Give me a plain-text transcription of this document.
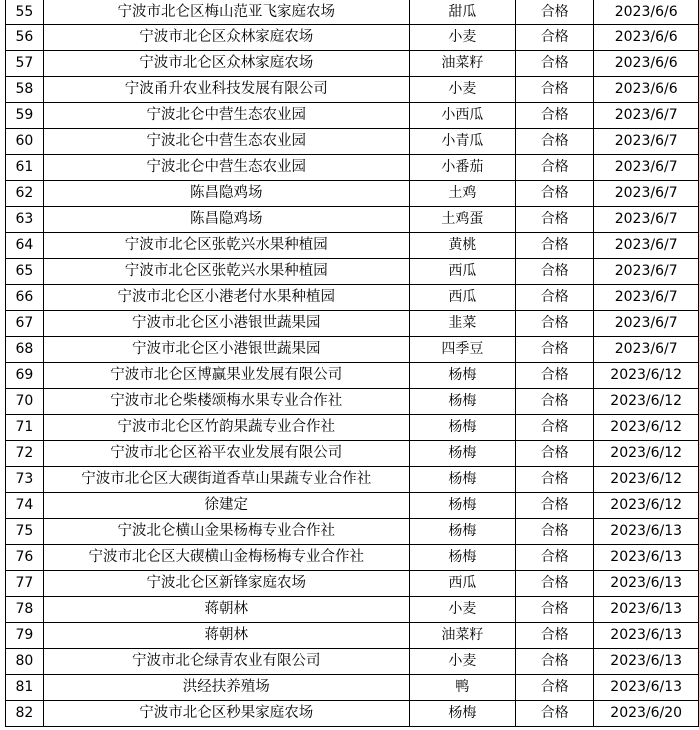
55	宁波市北仑区梅山范亚飞家庭农场	甜瓜	合格	2023/6/6
56	宁波市北仑区众林家庭农场	小麦	合格	2023/6/6
57	宁波市北仑区众林家庭农场	油菜籽	合格	2023/6/6
58	宁波甬升农业科技发展有限公司	小麦	合格	2023/6/6
59	宁波北仑中营生态农业园	小西瓜	合格	2023/6/7
60	宁波北仑中营生态农业园	小青瓜	合格	2023/6/7
61	宁波北仑中营生态农业园	小番茄	合格	2023/6/7
62	陈昌隐鸡场	土鸡	合格	2023/6/7
63	陈昌隐鸡场	土鸡蛋	合格	2023/6/7
64	宁波市北仑区张乾兴水果种植园	黄桃	合格	2023/6/7
65	宁波市北仑区张乾兴水果种植园	西瓜	合格	2023/6/7
66	宁波市北仑区小港老付水果种植园	西瓜	合格	2023/6/7
67	宁波市北仑区小港银世蔬果园	韭菜	合格	2023/6/7
68	宁波市北仑区小港银世蔬果园	四季豆	合格	2023/6/7
69	宁波市北仑区博赢果业发展有限公司	杨梅	合格	2023/6/12
70	宁波市北仑柴楼颂梅水果专业合作社	杨梅	合格	2023/6/12
71	宁波市北仑区竹韵果蔬专业合作社	杨梅	合格	2023/6/12
72	宁波市北仑区裕平农业发展有限公司	杨梅	合格	2023/6/12
73	宁波市北仑区大碶街道香草山果蔬专业合作社	杨梅	合格	2023/6/12
74	徐建定	杨梅	合格	2023/6/12
75	宁波北仑横山金果杨梅专业合作社	杨梅	合格	2023/6/13
76	宁波市北仑区大碶横山金梅杨梅专业合作社	杨梅	合格	2023/6/13
77	宁波北仑区新锋家庭农场	西瓜	合格	2023/6/13
78	蒋朝林	小麦	合格	2023/6/13
79	蒋朝林	油菜籽	合格	2023/6/13
80	宁波市北仑绿青农业有限公司	小麦	合格	2023/6/13
81	洪经扶养殖场	鸭	合格	2023/6/13
82	宁波市北仑区秒果家庭农场	杨梅	合格	2023/6/20
